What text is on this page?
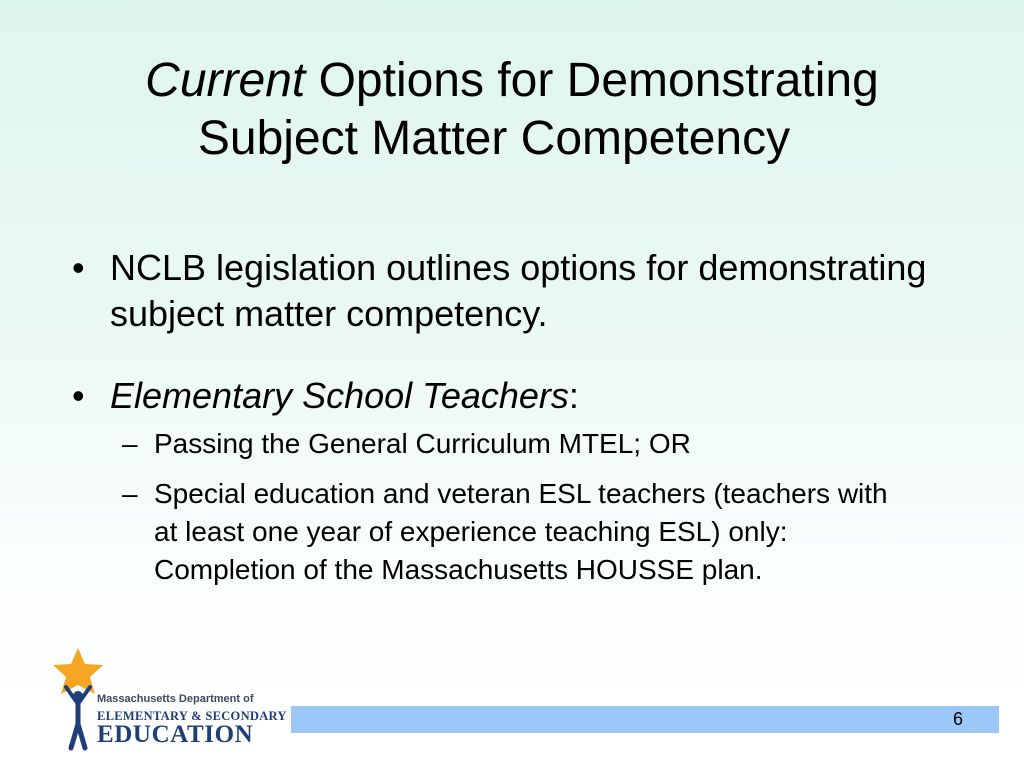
Current Options for Demonstrating
Subject Matter Competency
• NCLB legislation outlines options for demonstrating subject matter competency.
• Elementary School Teachers:
– Passing the General Curriculum MTEL; OR
– Special education and veteran ESL teachers (teachers with at least one year of experience teaching ESL) only: Completion of the Massachusetts HOUSSE plan.
Massachusetts Department of
ELEMENTARY & SECONDARY
EDUCATION
6
